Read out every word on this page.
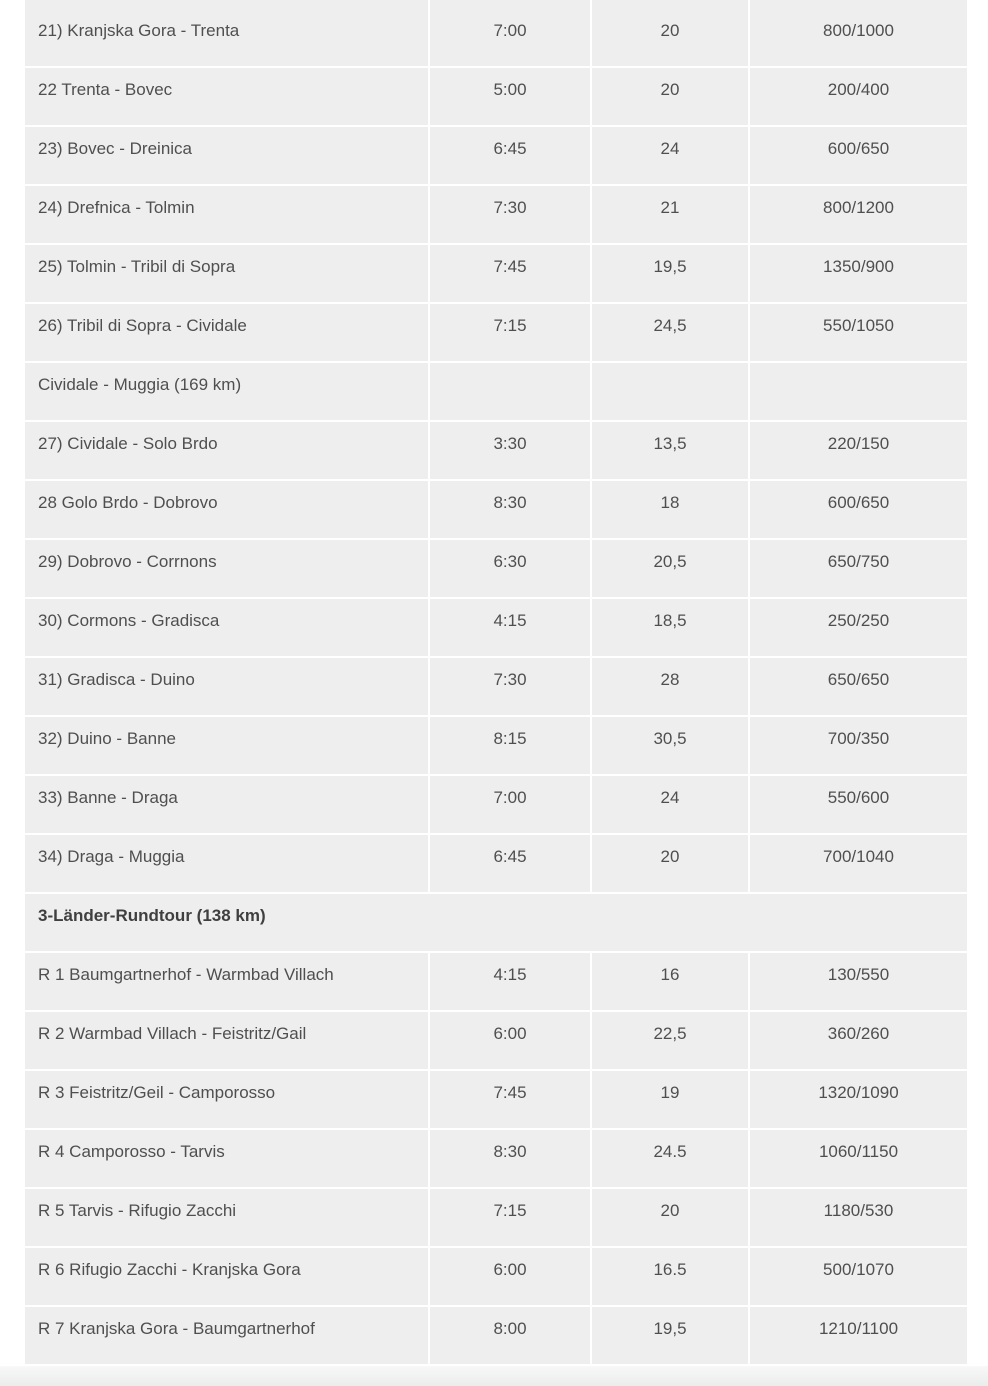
21) Kranjska Gora - Trenta	7:00	20	800/1000
22 Trenta - Bovec	5:00	20	200/400
23) Bovec - Dreinica	6:45	24	600/650
24) Drefnica - Tolmin	7:30	21	800/1200
25) Tolmin - Tribil di Sopra	7:45	19,5	1350/900
26) Tribil di Sopra - Cividale	7:15	24,5	550/1050
Cividale - Muggia (169 km)
27) Cividale - Solo Brdo	3:30	13,5	220/150
28 Golo Brdo - Dobrovo	8:30	18	600/650
29) Dobrovo - Corrnons	6:30	20,5	650/750
30) Cormons - Gradisca	4:15	18,5	250/250
31) Gradisca - Duino	7:30	28	650/650
32) Duino - Banne	8:15	30,5	700/350
33) Banne - Draga	7:00	24	550/600
34) Draga - Muggia	6:45	20	700/1040
3-Länder-Rundtour (138 km)
R 1 Baumgartnerhof - Warmbad Villach	4:15	16	130/550
R 2 Warmbad Villach - Feistritz/Gail	6:00	22,5	360/260
R 3 Feistritz/Geil - Camporosso	7:45	19	1320/1090
R 4 Camporosso - Tarvis	8:30	24.5	1060/1150
R 5 Tarvis - Rifugio Zacchi	7:15	20	1180/530
R 6 Rifugio Zacchi - Kranjska Gora	6:00	16.5	500/1070
R 7 Kranjska Gora - Baumgartnerhof	8:00	19,5	1210/1100
